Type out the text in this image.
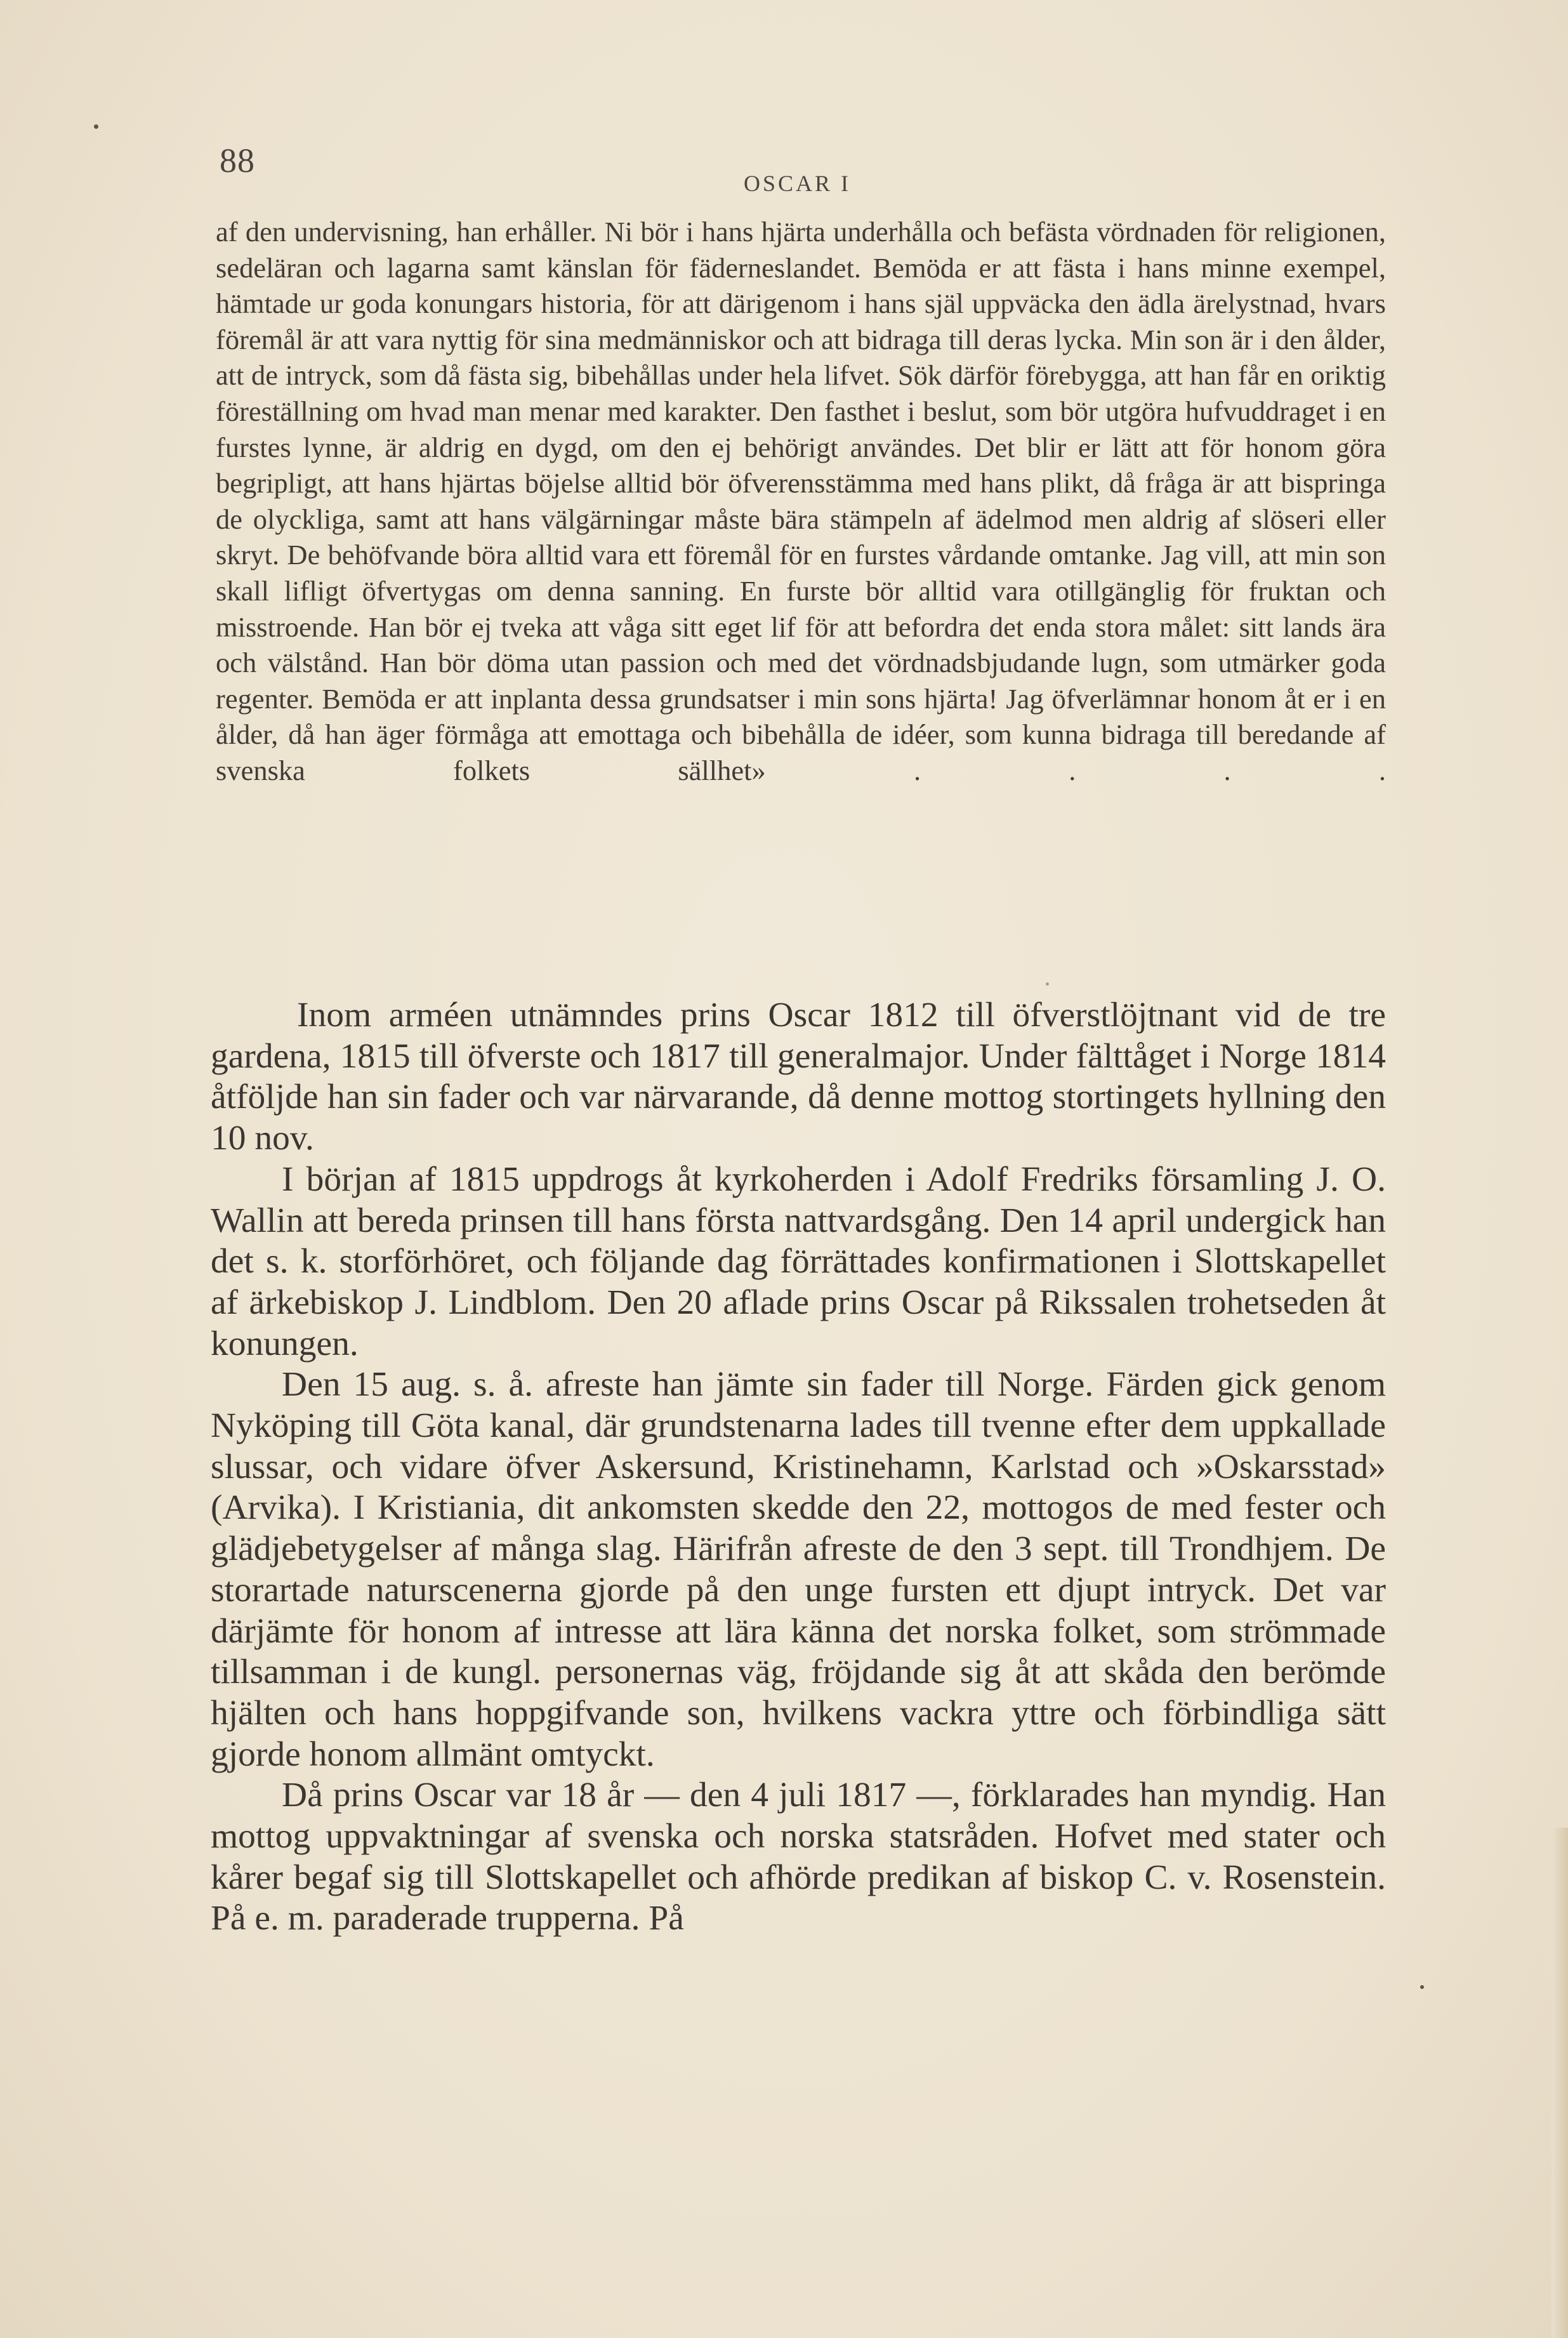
88
OSCAR I
af den undervisning, han erhåller. Ni bör i hans hjärta underhålla och befästa vördnaden för religionen, sedeläran och lagarna samt känslan för fäderneslandet. Bemöda er att fästa i hans minne exempel, hämtade ur goda konungars historia, för att därigenom i hans själ uppväcka den ädla ärelystnad, hvars föremål är att vara nyttig för sina medmänniskor och att bidraga till deras lycka. Min son är i den ålder, att de intryck, som då fästa sig, bibehållas under hela lifvet. Sök därför förebygga, att han får en oriktig föreställning om hvad man menar med karakter. Den fasthet i beslut, som bör utgöra hufvuddraget i en furstes lynne, är aldrig en dygd, om den ej behörigt användes. Det blir er lätt att för honom göra begripligt, att hans hjärtas böjelse alltid bör öfverensstämma med hans plikt, då fråga är att bispringa de olyckliga, samt att hans välgärningar måste bära stämpeln af ädelmod men aldrig af slöseri eller skryt. De behöfvande böra alltid vara ett föremål för en furstes vårdande omtanke. Jag vill, att min son skall lifligt öfvertygas om denna sanning. En furste bör alltid vara otillgänglig för fruktan och misstroende. Han bör ej tveka att våga sitt eget lif för att befordra det enda stora målet: sitt lands ära och välstånd. Han bör döma utan passion och med det vördnadsbjudande lugn, som utmärker goda regenter. Bemöda er att inplanta dessa grundsatser i min sons hjärta! Jag öfverlämnar honom åt er i en ålder, då han äger förmåga att emottaga och bibehålla de idéer, som kunna bidraga till beredande af svenska folkets sällhet» . . . .

Inom arméen utnämndes prins Oscar 1812 till öfverstlöjtnant vid de tre gardena, 1815 till öfverste och 1817 till generalmajor. Under fälttåget i Norge 1814 åtföljde han sin fader och var närvarande, då denne mottog stortingets hyllning den 10 nov.

I början af 1815 uppdrogs åt kyrkoherden i Adolf Fredriks församling J. O. Wallin att bereda prinsen till hans första nattvardsgång. Den 14 april undergick han det s. k. storförhöret, och följande dag förrättades konfirmationen i Slottskapellet af ärkebiskop J. Lindblom. Den 20 aflade prins Oscar på Rikssalen trohetseden åt konungen.

Den 15 aug. s. å. afreste han jämte sin fader till Norge. Färden gick genom Nyköping till Göta kanal, där grundstenarna lades till tvenne efter dem uppkallade slussar, och vidare öfver Askersund, Kristinehamn, Karlstad och »Oskarsstad» (Arvika). I Kristiania, dit ankomsten skedde den 22, mottogos de med fester och glädjebetygelser af många slag. Härifrån afreste de den 3 sept. till Trondhjem. De storartade naturscenerna gjorde på den unge fursten ett djupt intryck. Det var därjämte för honom af intresse att lära känna det norska folket, som strömmade tillsamman i de kungl. personernas väg, fröjdande sig åt att skåda den berömde hjälten och hans hoppgifvande son, hvilkens vackra yttre och förbindliga sätt gjorde honom allmänt omtyckt.

Då prins Oscar var 18 år — den 4 juli 1817 —, förklarades han myndig. Han mottog uppvaktningar af svenska och norska statsråden. Hofvet med stater och kårer begaf sig till Slottskapellet och afhörde predikan af biskop C. v. Rosenstein. På e. m. paraderade trupperna. På
